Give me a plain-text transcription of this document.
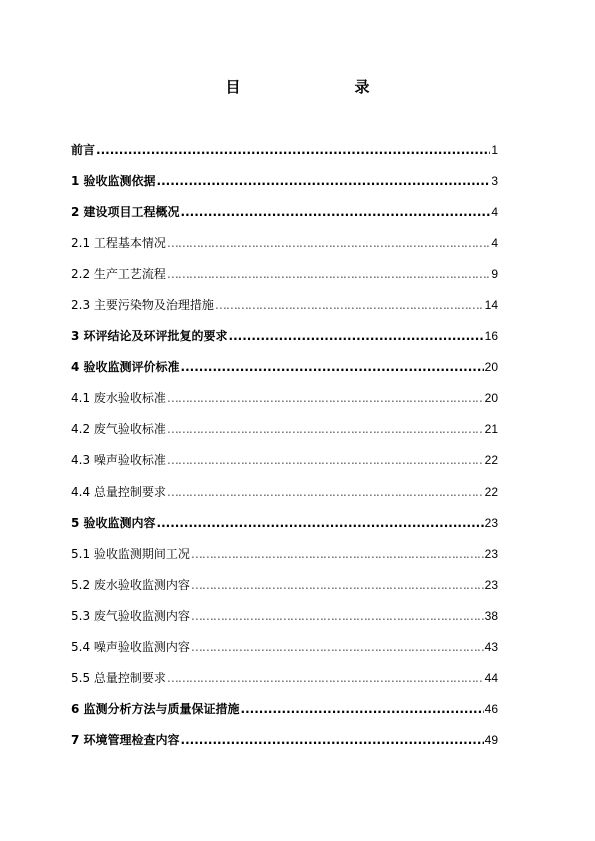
目　　录
前言 .....	1
1 验收监测依据 .....	3
2 建设项目工程概况 .....	4
2.1 工程基本情况 ……………………………………………………………………………………………………………………………………………………………………	4
2.2 生产工艺流程 ……………………………………………………………………………………………………………………………………………………………………	9
2.3 主要污染物及治理措施 ……………………………………………………………………………………………………………………………………………………………………	14
3 环评结论及环评批复的要求 .....	16
4 验收监测评价标准 .....	20
4.1 废水验收标准 ……………………………………………………………………………………………………………………………………………………………………	20
4.2 废气验收标准 ……………………………………………………………………………………………………………………………………………………………………	21
4.3 噪声验收标准 ……………………………………………………………………………………………………………………………………………………………………	22
4.4 总量控制要求 ……………………………………………………………………………………………………………………………………………………………………	22
5 验收监测内容 .....	23
5.1 验收监测期间工况 ……………………………………………………………………………………………………………………………………………………………………	23
5.2 废水验收监测内容 ……………………………………………………………………………………………………………………………………………………………………	23
5.3 废气验收监测内容 ……………………………………………………………………………………………………………………………………………………………………	38
5.4 噪声验收监测内容 ……………………………………………………………………………………………………………………………………………………………………	43
5.5 总量控制要求 ……………………………………………………………………………………………………………………………………………………………………	44
6 监测分析方法与质量保证措施 .....	46
7 环境管理检查内容 .....	49
